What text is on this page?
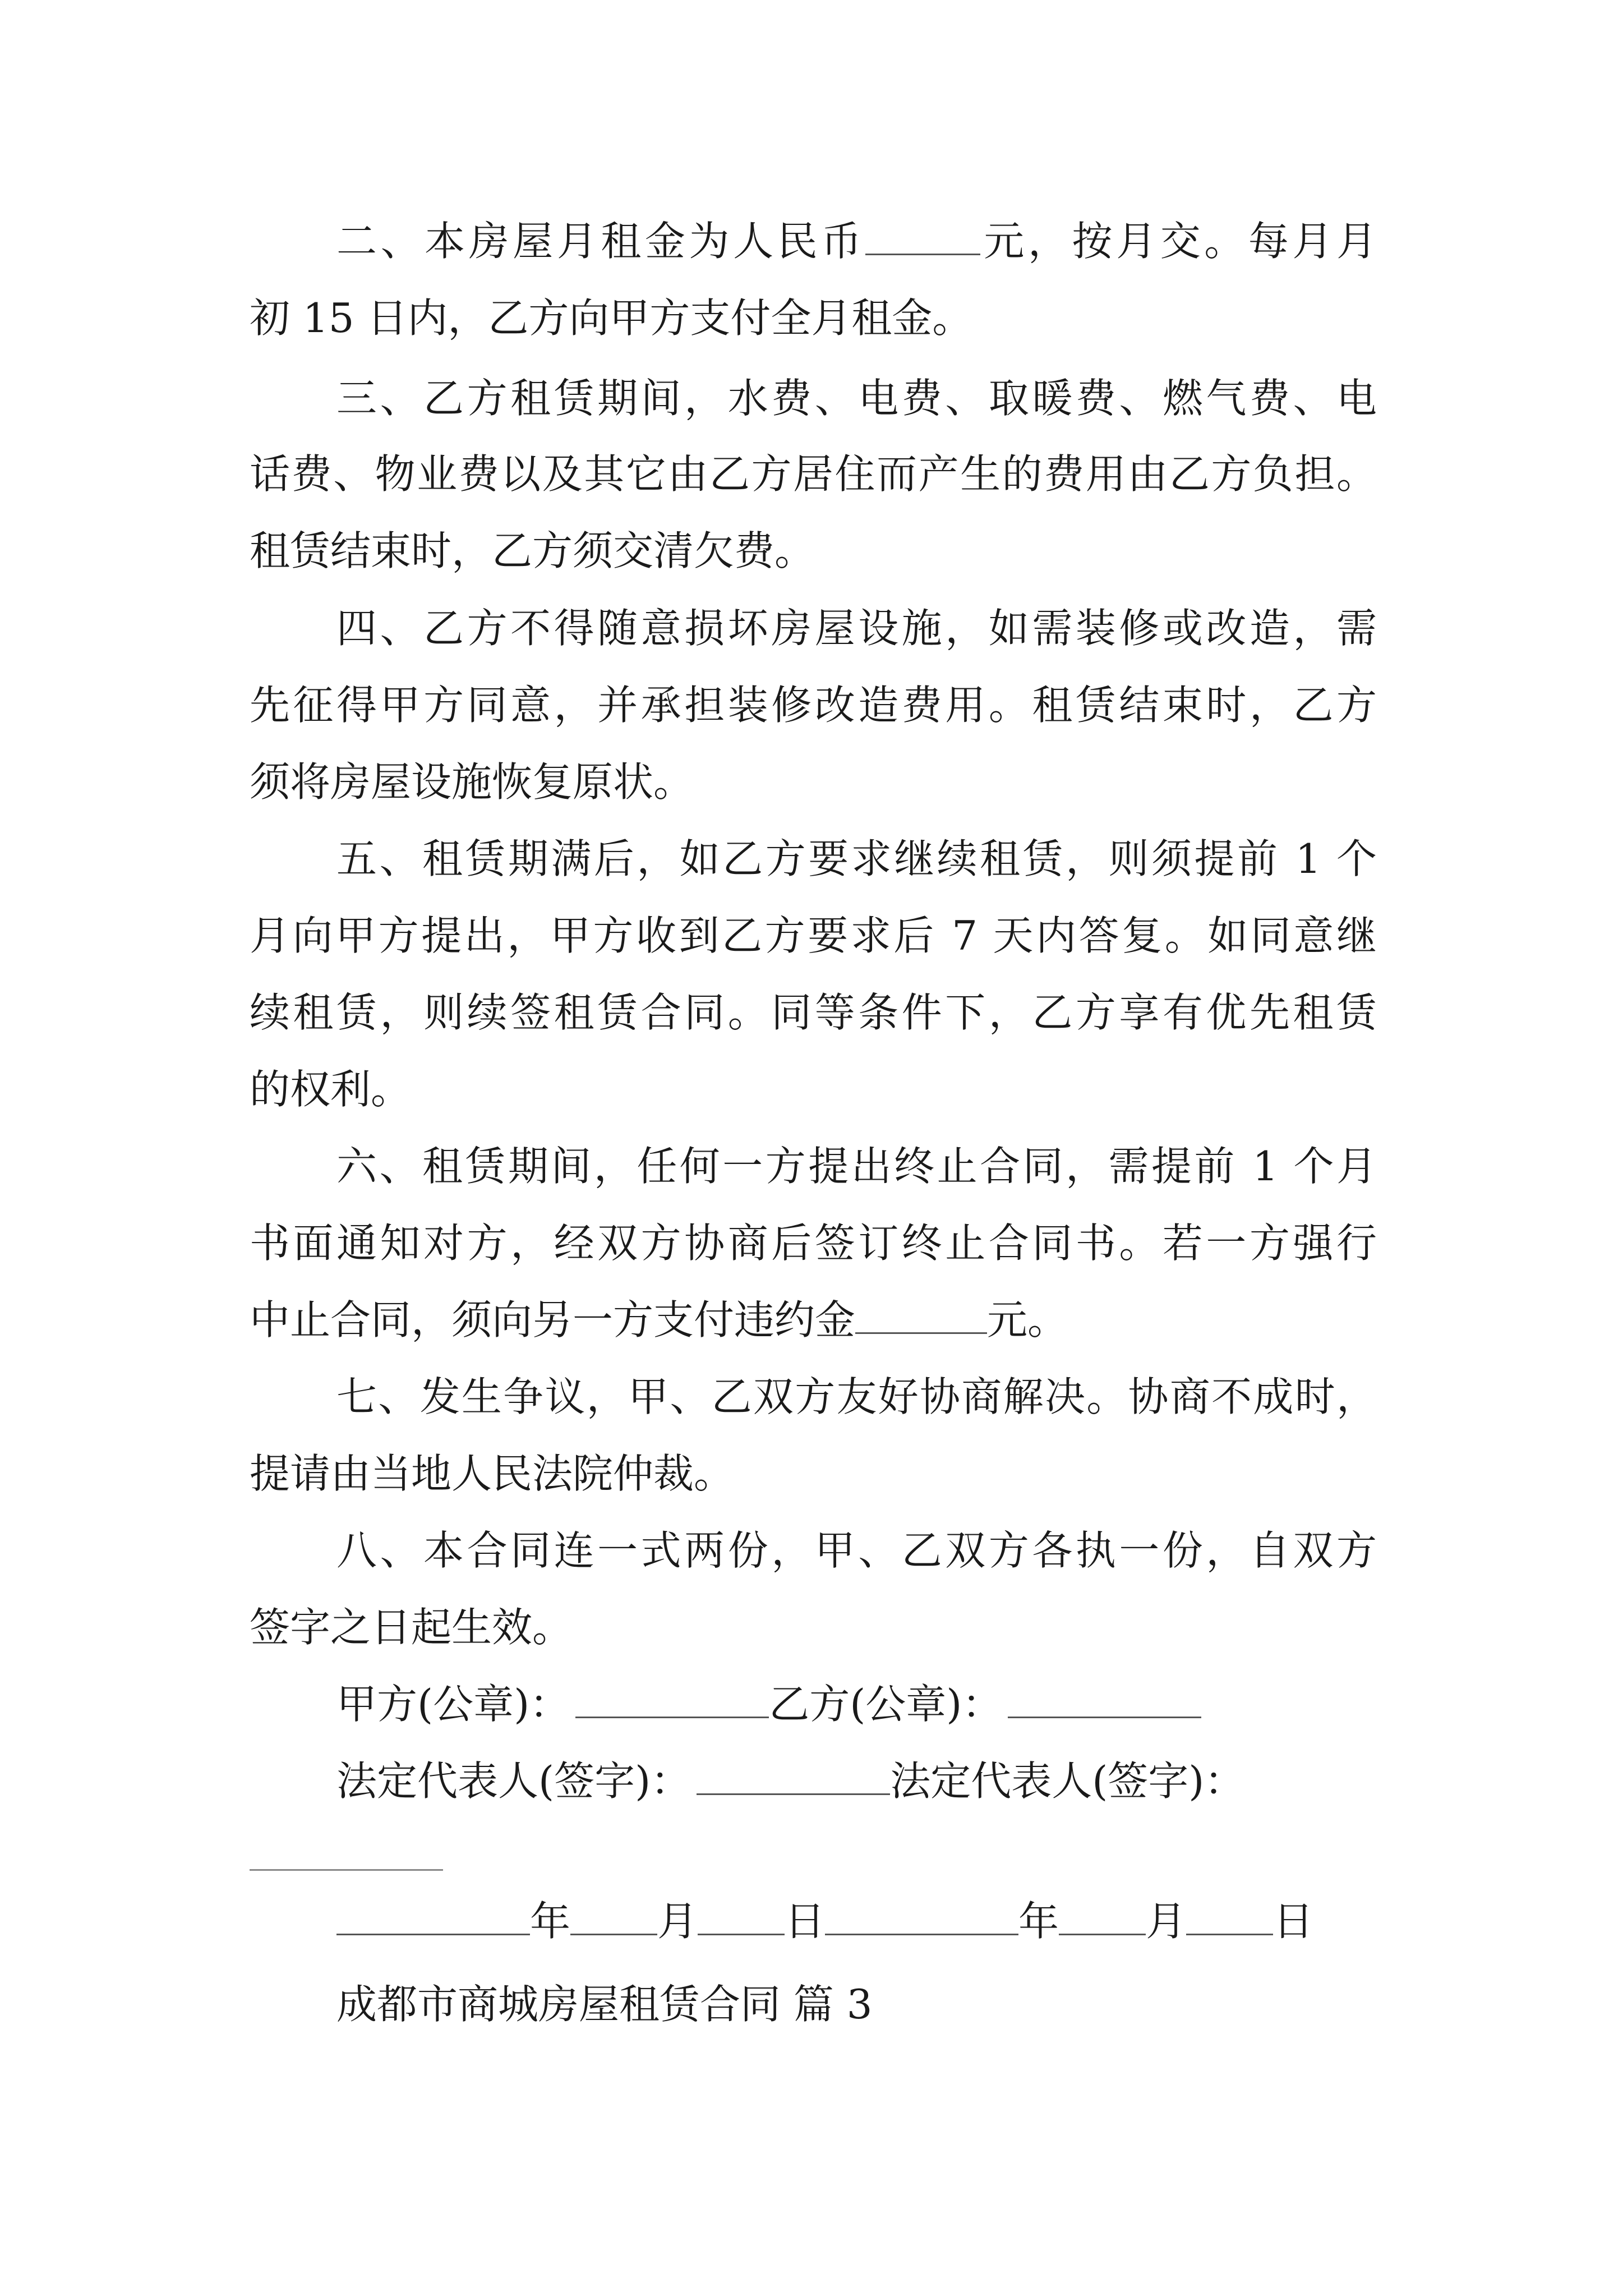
二、本房屋月租金为人民币	元，按月交。每月月
初 15 日内，乙方向甲方支付全月租金。
三、乙方租赁期间，水费、电费、取暖费、燃气费、电
话费、物业费以及其它由乙方居住而产生的费用由乙方负担。
租赁结束时，乙方须交清欠费。
四、乙方不得随意损坏房屋设施，如需装修或改造，需
先征得甲方同意，并承担装修改造费用。租赁结束时，乙方
须将房屋设施恢复原状。
五、租赁期满后，如乙方要求继续租赁，则须提前 1 个
月向甲方提出，甲方收到乙方要求后 7 天内答复。如同意继
续租赁，则续签租赁合同。同等条件下，乙方享有优先租赁
的权利。
六、租赁期间，任何一方提出终止合同，需提前 1 个月
书面通知对方，经双方协商后签订终止合同书。若一方强行
中止合同，须向另一方支付违约金	元。
七、发生争议，甲、乙双方友好协商解决。协商不成时，
提请由当地人民法院仲裁。
八、本合同连一式两份，甲、乙双方各执一份，自双方
签字之日起生效。
甲方(公章)：	乙方(公章)：
法定代表人(签字)：	法定代表人(签字)：
年 月 日	年 月 日
成都市商城房屋租赁合同 篇 3
